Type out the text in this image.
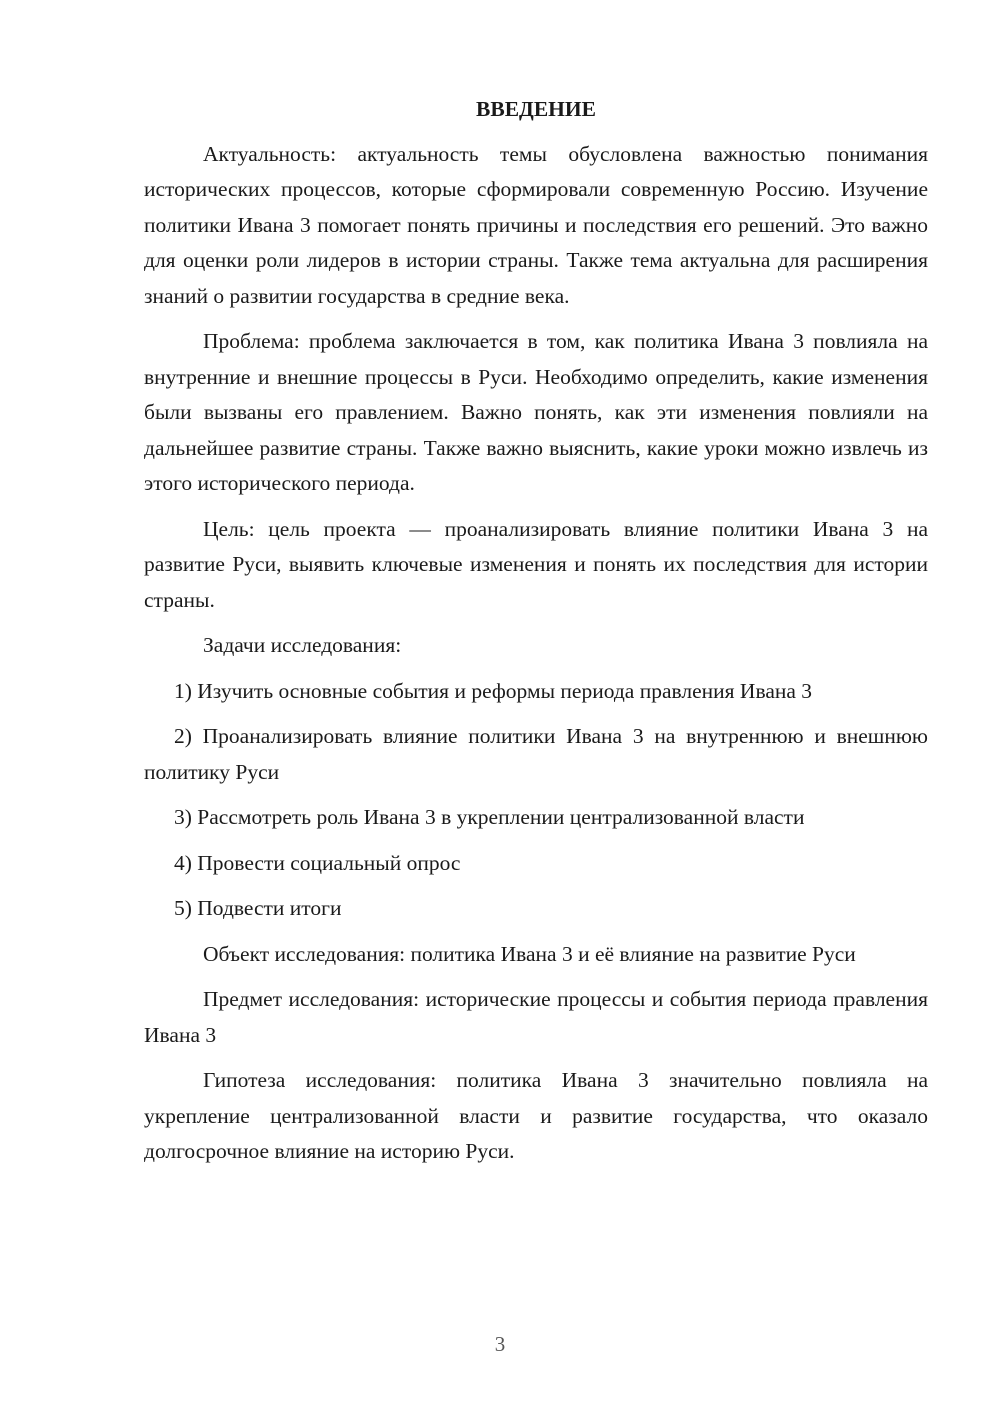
ВВЕДЕНИЕ

Актуальность: актуальность темы обусловлена важностью понимания исторических процессов, которые сформировали современную Россию. Изучение политики Ивана 3 помогает понять причины и последствия его решений. Это важно для оценки роли лидеров в истории страны. Также тема актуальна для расширения знаний о развитии государства в средние века.

Проблема: проблема заключается в том, как политика Ивана 3 повлияла на внутренние и внешние процессы в Руси. Необходимо определить, какие изменения были вызваны его правлением. Важно понять, как эти изменения повлияли на дальнейшее развитие страны. Также важно выяснить, какие уроки можно извлечь из этого исторического периода.

Цель: цель проекта — проанализировать влияние политики Ивана 3 на развитие Руси, выявить ключевые изменения и понять их последствия для истории страны.

Задачи исследования:

1) Изучить основные события и реформы периода правления Ивана 3

2) Проанализировать влияние политики Ивана 3 на внутреннюю и внешнюю политику Руси

3) Рассмотреть роль Ивана 3 в укреплении централизованной власти

4) Провести социальный опрос

5) Подвести итоги

Объект исследования: политика Ивана 3 и её влияние на развитие Руси

Предмет исследования: исторические процессы и события периода правления Ивана 3

Гипотеза исследования: политика Ивана 3 значительно повлияла на укрепление централизованной власти и развитие государства, что оказало долгосрочное влияние на историю Руси.

3
